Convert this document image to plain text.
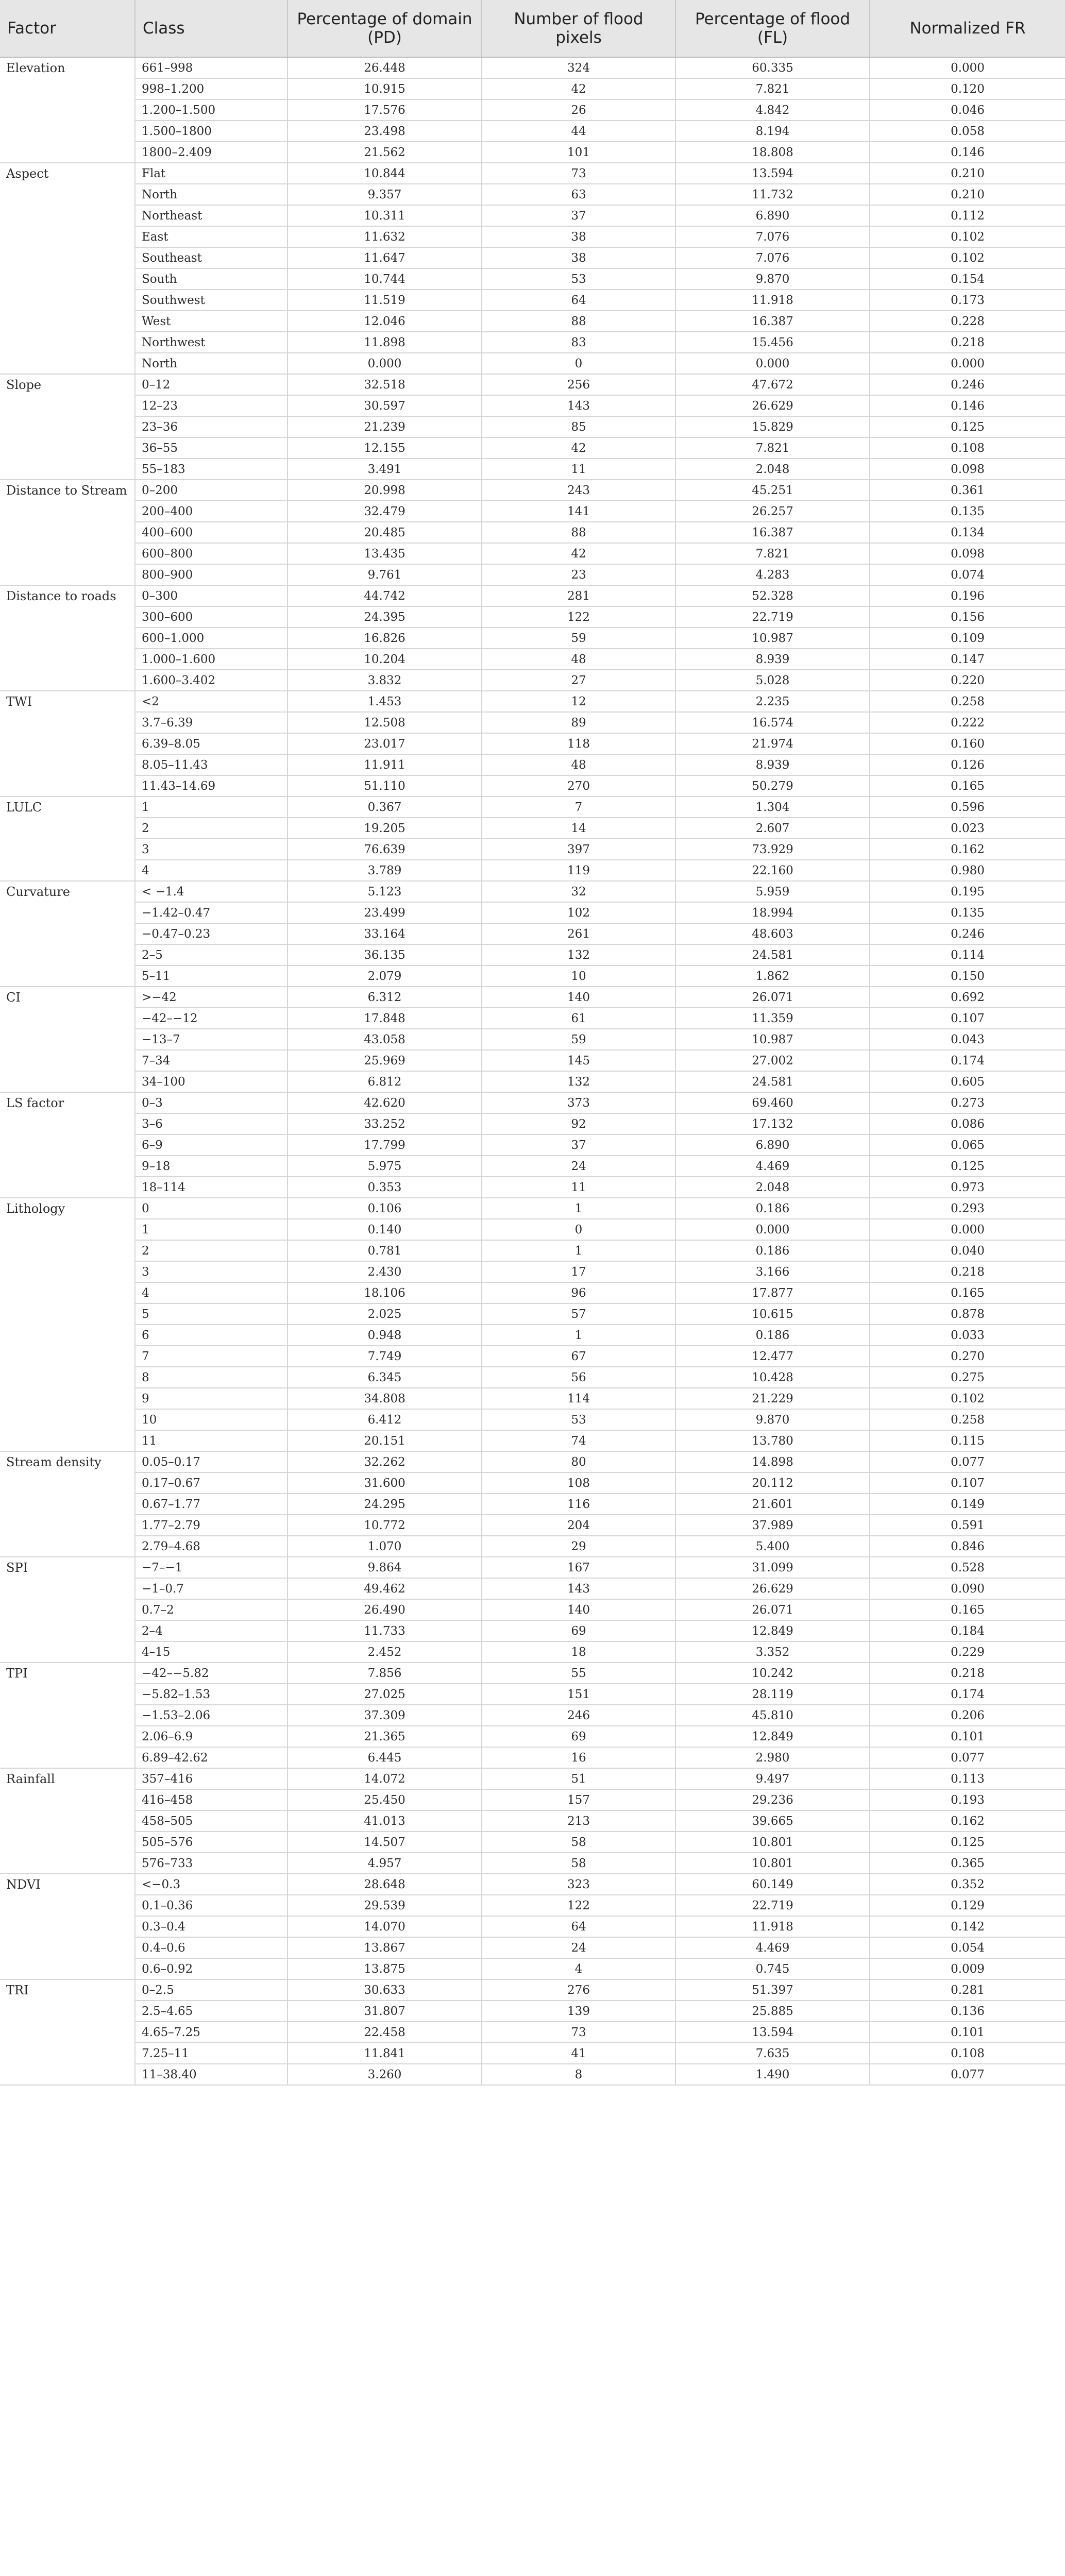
Factor	Class	Percentage of domain (PD)	Number of flood pixels	Percentage of flood (FL)	Normalized FR
Elevation	661–998	26.448	324	60.335	0.000
	998–1.200	10.915	42	7.821	0.120
	1.200–1.500	17.576	26	4.842	0.046
	1.500–1800	23.498	44	8.194	0.058
	1800–2.409	21.562	101	18.808	0.146
Aspect	Flat	10.844	73	13.594	0.210
	North	9.357	63	11.732	0.210
	Northeast	10.311	37	6.890	0.112
	East	11.632	38	7.076	0.102
	Southeast	11.647	38	7.076	0.102
	South	10.744	53	9.870	0.154
	Southwest	11.519	64	11.918	0.173
	West	12.046	88	16.387	0.228
	Northwest	11.898	83	15.456	0.218
	North	0.000	0	0.000	0.000
Slope	0–12	32.518	256	47.672	0.246
	12–23	30.597	143	26.629	0.146
	23–36	21.239	85	15.829	0.125
	36–55	12.155	42	7.821	0.108
	55–183	3.491	11	2.048	0.098
Distance to Stream	0–200	20.998	243	45.251	0.361
	200–400	32.479	141	26.257	0.135
	400–600	20.485	88	16.387	0.134
	600–800	13.435	42	7.821	0.098
	800–900	9.761	23	4.283	0.074
Distance to roads	0–300	44.742	281	52.328	0.196
	300–600	24.395	122	22.719	0.156
	600–1.000	16.826	59	10.987	0.109
	1.000–1.600	10.204	48	8.939	0.147
	1.600–3.402	3.832	27	5.028	0.220
TWI	<2	1.453	12	2.235	0.258
	3.7–6.39	12.508	89	16.574	0.222
	6.39–8.05	23.017	118	21.974	0.160
	8.05–11.43	11.911	48	8.939	0.126
	11.43–14.69	51.110	270	50.279	0.165
LULC	1	0.367	7	1.304	0.596
	2	19.205	14	2.607	0.023
	3	76.639	397	73.929	0.162
	4	3.789	119	22.160	0.980
Curvature	< −1.4	5.123	32	5.959	0.195
	−1.42–0.47	23.499	102	18.994	0.135
	−0.47–0.23	33.164	261	48.603	0.246
	2–5	36.135	132	24.581	0.114
	5–11	2.079	10	1.862	0.150
CI	>−42	6.312	140	26.071	0.692
	−42–−12	17.848	61	11.359	0.107
	−13–7	43.058	59	10.987	0.043
	7–34	25.969	145	27.002	0.174
	34–100	6.812	132	24.581	0.605
LS factor	0–3	42.620	373	69.460	0.273
	3–6	33.252	92	17.132	0.086
	6–9	17.799	37	6.890	0.065
	9–18	5.975	24	4.469	0.125
	18–114	0.353	11	2.048	0.973
Lithology	0	0.106	1	0.186	0.293
	1	0.140	0	0.000	0.000
	2	0.781	1	0.186	0.040
	3	2.430	17	3.166	0.218
	4	18.106	96	17.877	0.165
	5	2.025	57	10.615	0.878
	6	0.948	1	0.186	0.033
	7	7.749	67	12.477	0.270
	8	6.345	56	10.428	0.275
	9	34.808	114	21.229	0.102
	10	6.412	53	9.870	0.258
	11	20.151	74	13.780	0.115
Stream density	0.05–0.17	32.262	80	14.898	0.077
	0.17–0.67	31.600	108	20.112	0.107
	0.67–1.77	24.295	116	21.601	0.149
	1.77–2.79	10.772	204	37.989	0.591
	2.79–4.68	1.070	29	5.400	0.846
SPI	−7–−1	9.864	167	31.099	0.528
	−1–0.7	49.462	143	26.629	0.090
	0.7–2	26.490	140	26.071	0.165
	2–4	11.733	69	12.849	0.184
	4–15	2.452	18	3.352	0.229
TPI	−42–−5.82	7.856	55	10.242	0.218
	−5.82–1.53	27.025	151	28.119	0.174
	−1.53–2.06	37.309	246	45.810	0.206
	2.06–6.9	21.365	69	12.849	0.101
	6.89–42.62	6.445	16	2.980	0.077
Rainfall	357–416	14.072	51	9.497	0.113
	416–458	25.450	157	29.236	0.193
	458–505	41.013	213	39.665	0.162
	505–576	14.507	58	10.801	0.125
	576–733	4.957	58	10.801	0.365
NDVI	<−0.3	28.648	323	60.149	0.352
	0.1–0.36	29.539	122	22.719	0.129
	0.3–0.4	14.070	64	11.918	0.142
	0.4–0.6	13.867	24	4.469	0.054
	0.6–0.92	13.875	4	0.745	0.009
TRI	0–2.5	30.633	276	51.397	0.281
	2.5–4.65	31.807	139	25.885	0.136
	4.65–7.25	22.458	73	13.594	0.101
	7.25–11	11.841	41	7.635	0.108
	11–38.40	3.260	8	1.490	0.077
